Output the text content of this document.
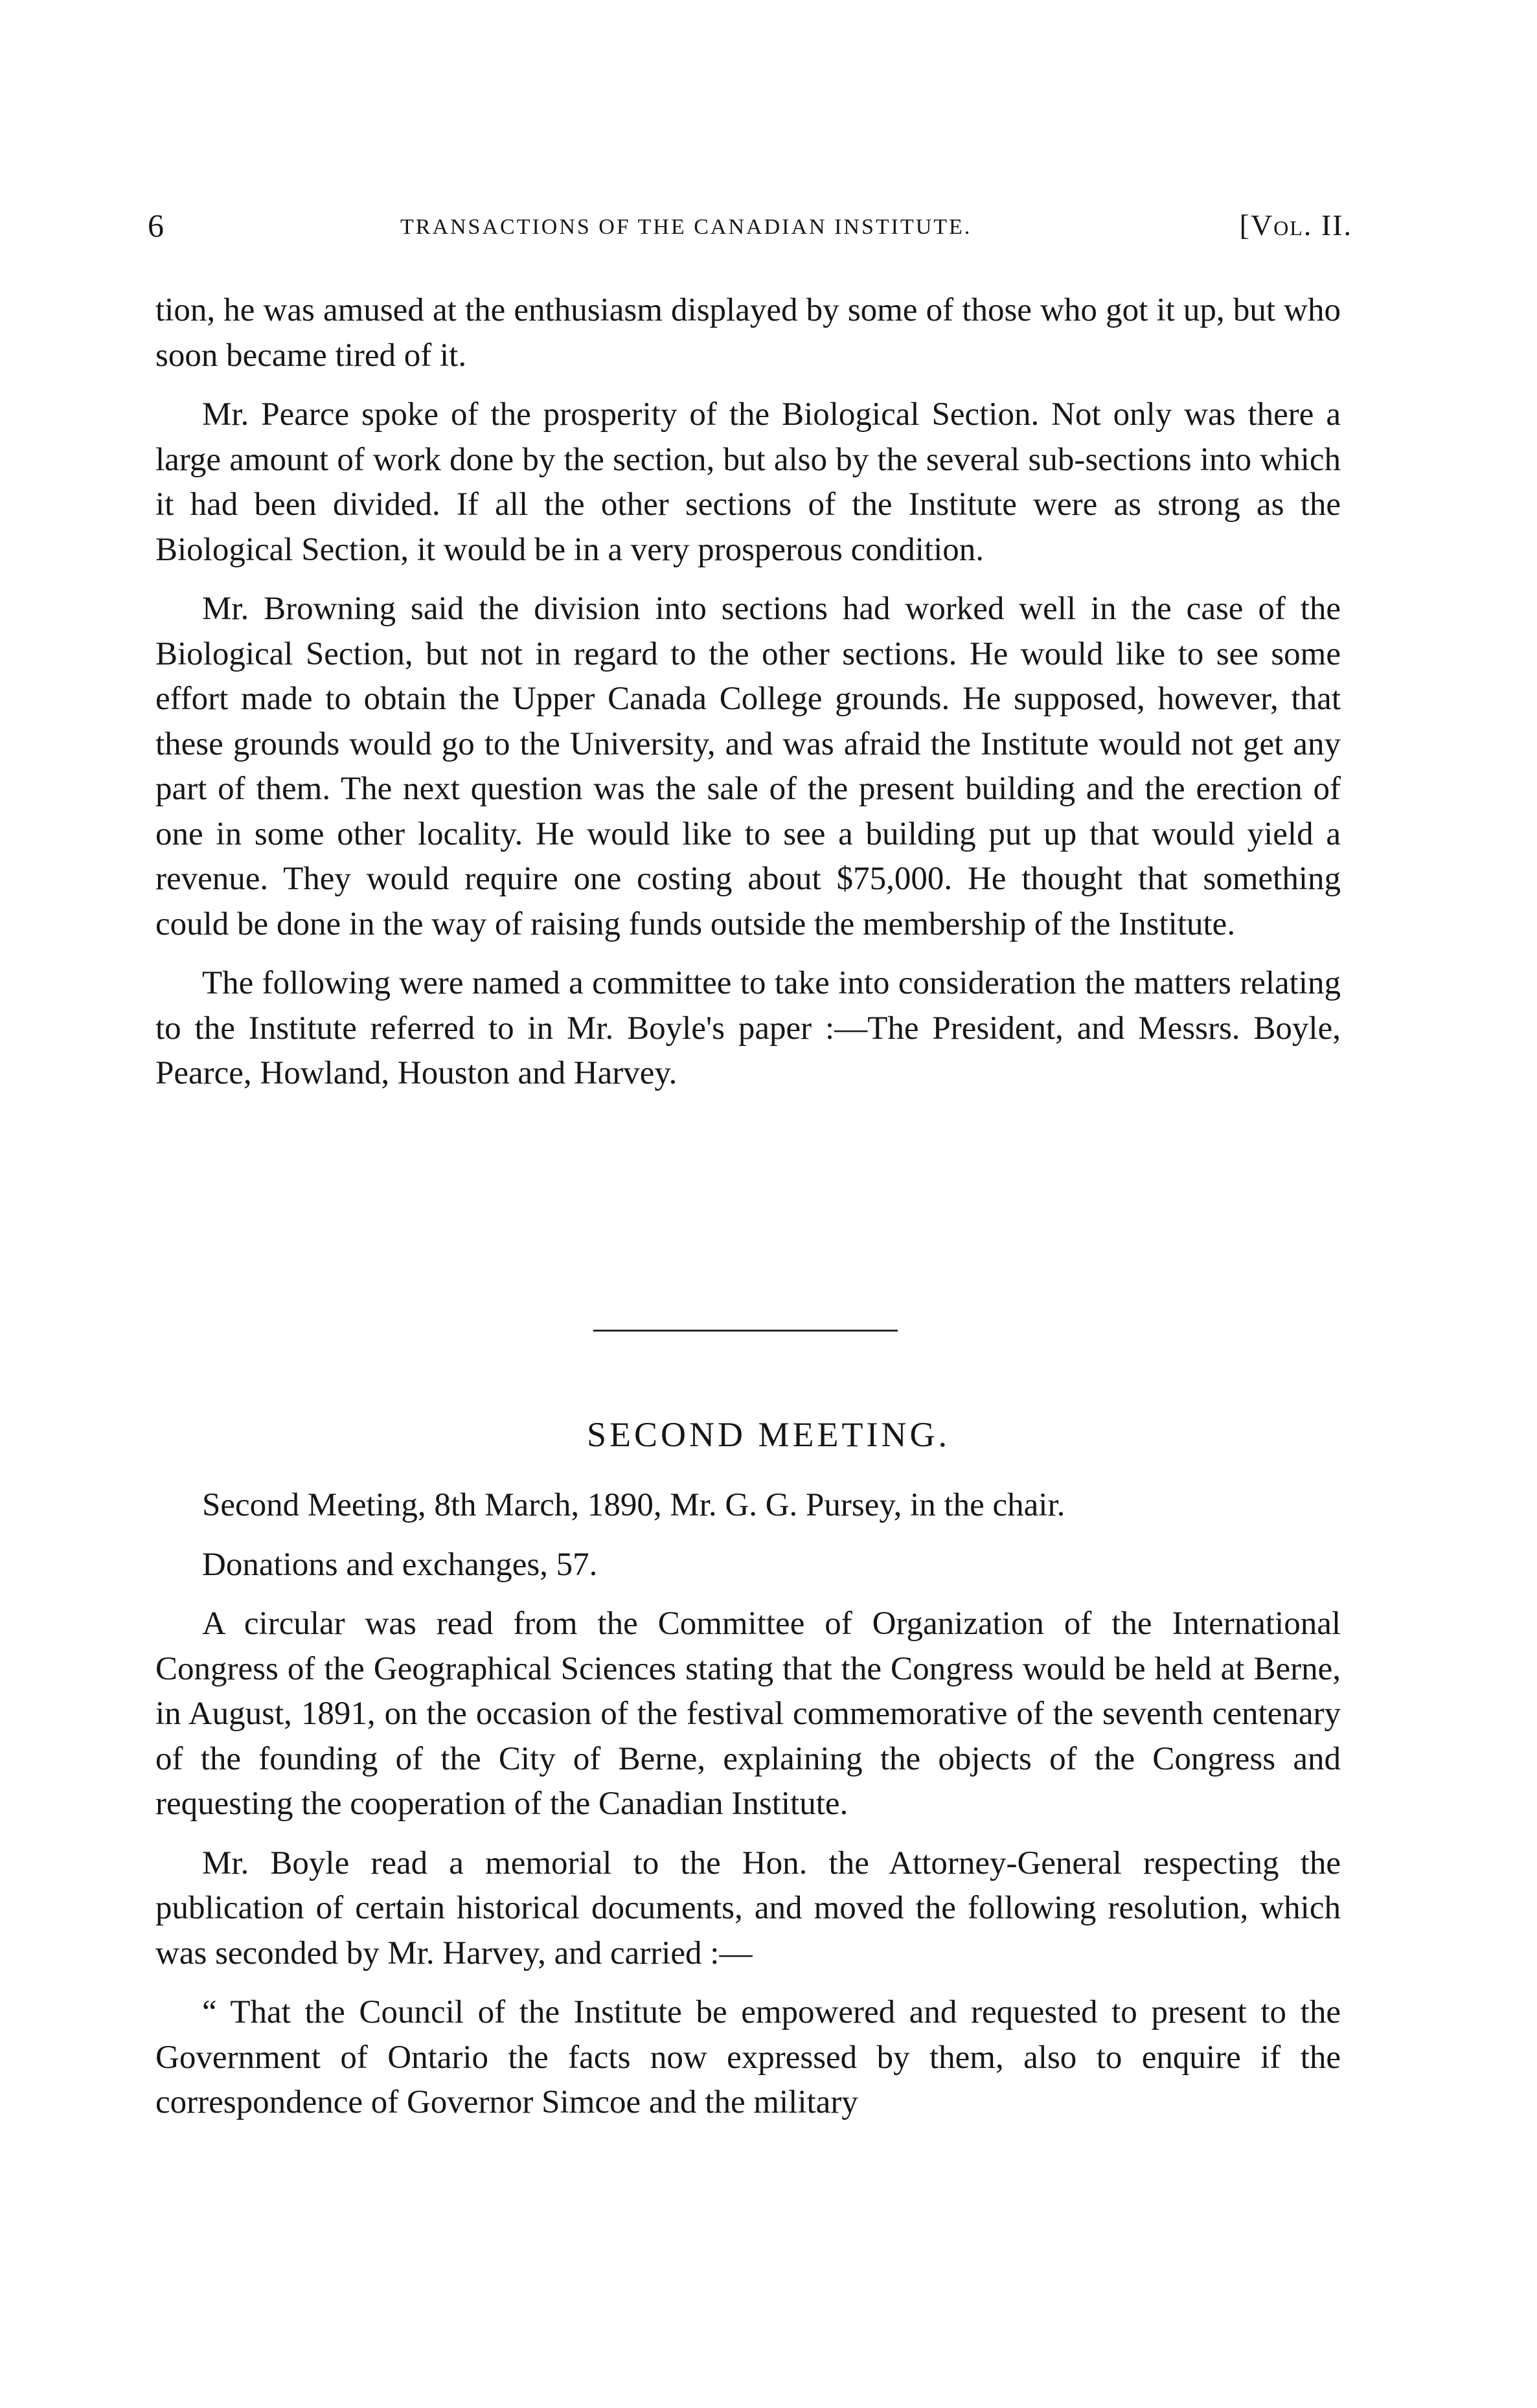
6	TRANSACTIONS OF THE CANADIAN INSTITUTE.	[Vol. II.

tion, he was amused at the enthusiasm displayed by some of those who got it up, but who soon became tired of it.

Mr. Pearce spoke of the prosperity of the Biological Section. Not only was there a large amount of work done by the section, but also by the several sub-sections into which it had been divided. If all the other sections of the Institute were as strong as the Biological Section, it would be in a very prosperous condition.

Mr. Browning said the division into sections had worked well in the case of the Biological Section, but not in regard to the other sections. He would like to see some effort made to obtain the Upper Canada College grounds. He supposed, however, that these grounds would go to the University, and was afraid the Institute would not get any part of them. The next question was the sale of the present building and the erection of one in some other locality. He would like to see a building put up that would yield a revenue. They would require one costing about $75,000. He thought that something could be done in the way of raising funds outside the membership of the Institute.

The following were named a committee to take into consideration the matters relating to the Institute referred to in Mr. Boyle's paper :—The President, and Messrs. Boyle, Pearce, Howland, Houston and Harvey.

SECOND MEETING.

Second Meeting, 8th March, 1890, Mr. G. G. Pursey, in the chair.

Donations and exchanges, 57.

A circular was read from the Committee of Organization of the International Congress of the Geographical Sciences stating that the Congress would be held at Berne, in August, 1891, on the occasion of the festival commemorative of the seventh centenary of the founding of the City of Berne, explaining the objects of the Congress and requesting the cooperation of the Canadian Institute.

Mr. Boyle read a memorial to the Hon. the Attorney-General respecting the publication of certain historical documents, and moved the following resolution, which was seconded by Mr. Harvey, and carried :—

“ That the Council of the Institute be empowered and requested to present to the Government of Ontario the facts now expressed by them, also to enquire if the correspondence of Governor Simcoe and the military
